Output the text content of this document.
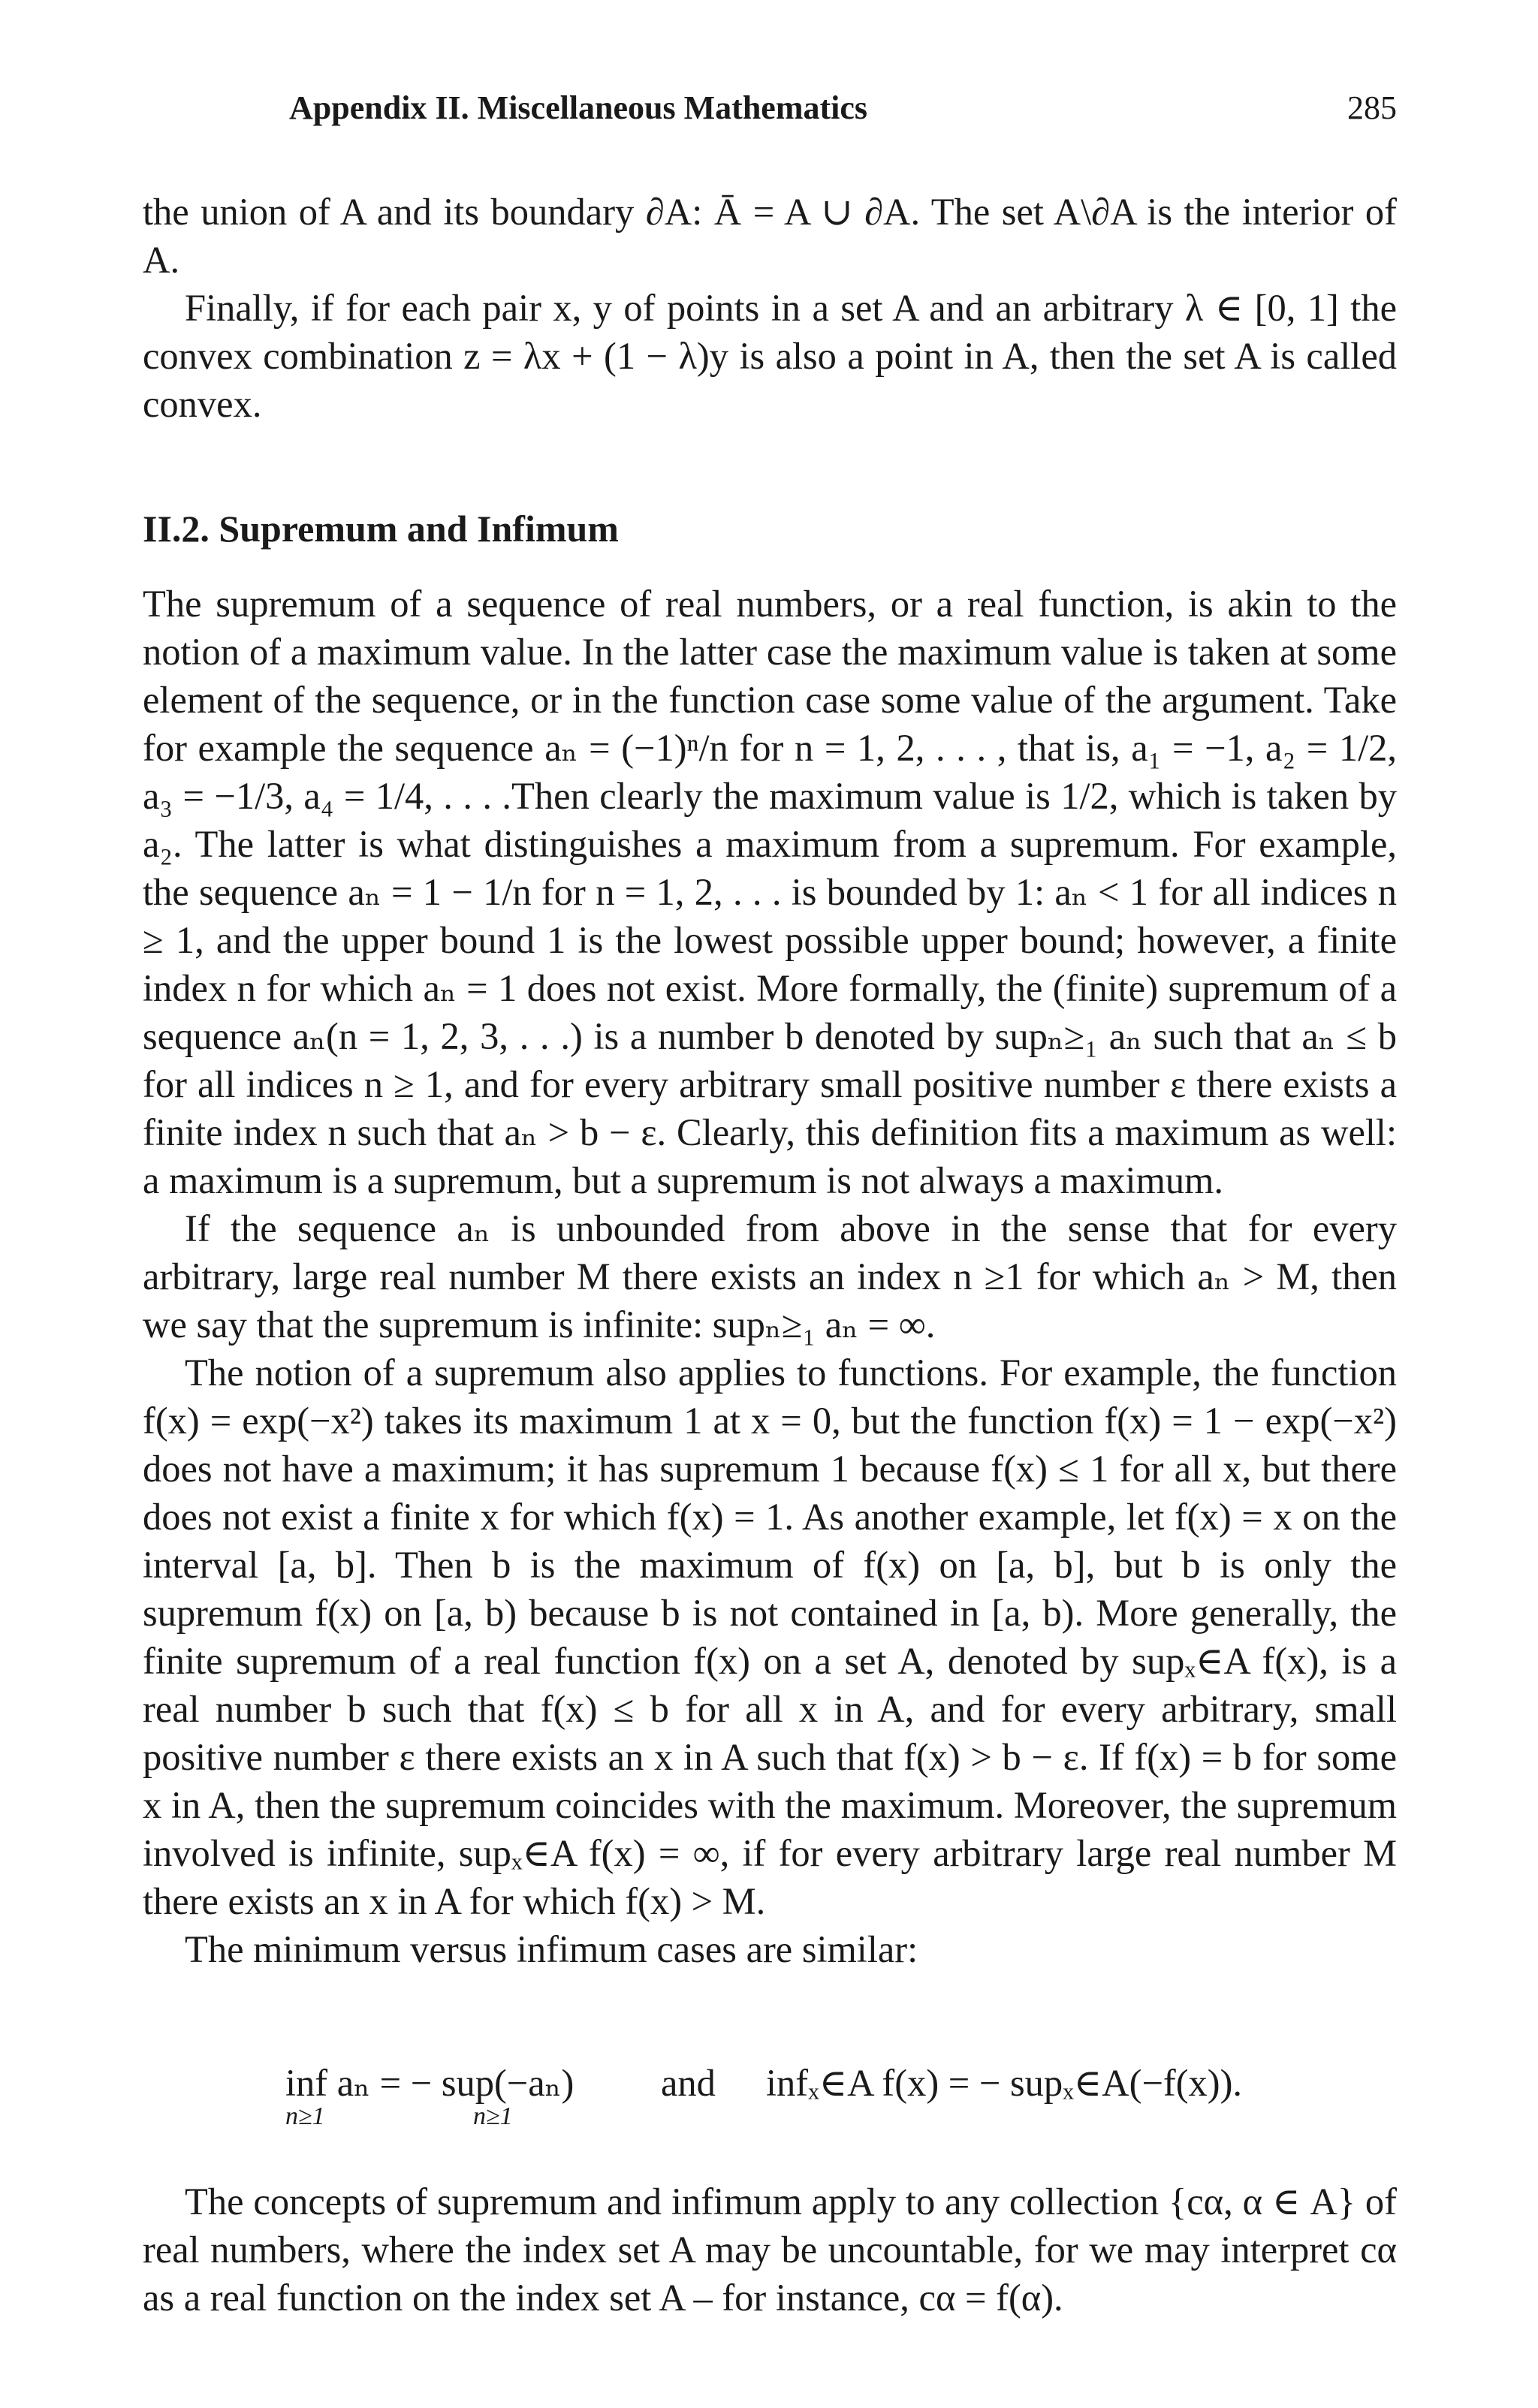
Appendix II. Miscellaneous Mathematics	285

the union of A and its boundary ∂A: Ā = A ∪ ∂A. The set A\∂A is the interior of A.

Finally, if for each pair x, y of points in a set A and an arbitrary λ ∈ [0, 1] the convex combination z = λx + (1 − λ)y is also a point in A, then the set A is called convex.

II.2. Supremum and Infimum

The supremum of a sequence of real numbers, or a real function, is akin to the notion of a maximum value. In the latter case the maximum value is taken at some element of the sequence, or in the function case some value of the argument. Take for example the sequence aₙ = (−1)ⁿ/n for n = 1, 2, . . . , that is, a₁ = −1, a₂ = 1/2, a₃ = −1/3, a₄ = 1/4, . . . .Then clearly the maximum value is 1/2, which is taken by a₂. The latter is what distinguishes a maximum from a supremum. For example, the sequence aₙ = 1 − 1/n for n = 1, 2, . . . is bounded by 1: aₙ < 1 for all indices n ≥ 1, and the upper bound 1 is the lowest possible upper bound; however, a finite index n for which aₙ = 1 does not exist. More formally, the (finite) supremum of a sequence aₙ(n = 1, 2, 3, . . .) is a number b denoted by supₙ≥₁ aₙ such that aₙ ≤ b for all indices n ≥ 1, and for every arbitrary small positive number ε there exists a finite index n such that aₙ > b − ε. Clearly, this definition fits a maximum as well: a maximum is a supremum, but a supremum is not always a maximum.

If the sequence aₙ is unbounded from above in the sense that for every arbitrary, large real number M there exists an index n ≥1 for which aₙ > M, then we say that the supremum is infinite: supₙ≥₁ aₙ = ∞.

The notion of a supremum also applies to functions. For example, the function f(x) = exp(−x²) takes its maximum 1 at x = 0, but the function f(x) = 1 − exp(−x²) does not have a maximum; it has supremum 1 because f(x) ≤ 1 for all x, but there does not exist a finite x for which f(x) = 1. As another example, let f(x) = x on the interval [a, b]. Then b is the maximum of f(x) on [a, b], but b is only the supremum f(x) on [a, b) because b is not contained in [a, b). More generally, the finite supremum of a real function f(x) on a set A, denoted by supₓ∈A f(x), is a real number b such that f(x) ≤ b for all x in A, and for every arbitrary, small positive number ε there exists an x in A such that f(x) > b − ε. If f(x) = b for some x in A, then the supremum coincides with the maximum. Moreover, the supremum involved is infinite, supₓ∈A f(x) = ∞, if for every arbitrary large real number M there exists an x in A for which f(x) > M.

The minimum versus infimum cases are similar:

inf aₙ = − sup(−aₙ)
n≥1	n≥1
and infₓ∈A f(x) = − supₓ∈A(−f(x)).

The concepts of supremum and infimum apply to any collection {cα, α ∈ A} of real numbers, where the index set A may be uncountable, for we may interpret cα as a real function on the index set A – for instance, cα = f(α).
